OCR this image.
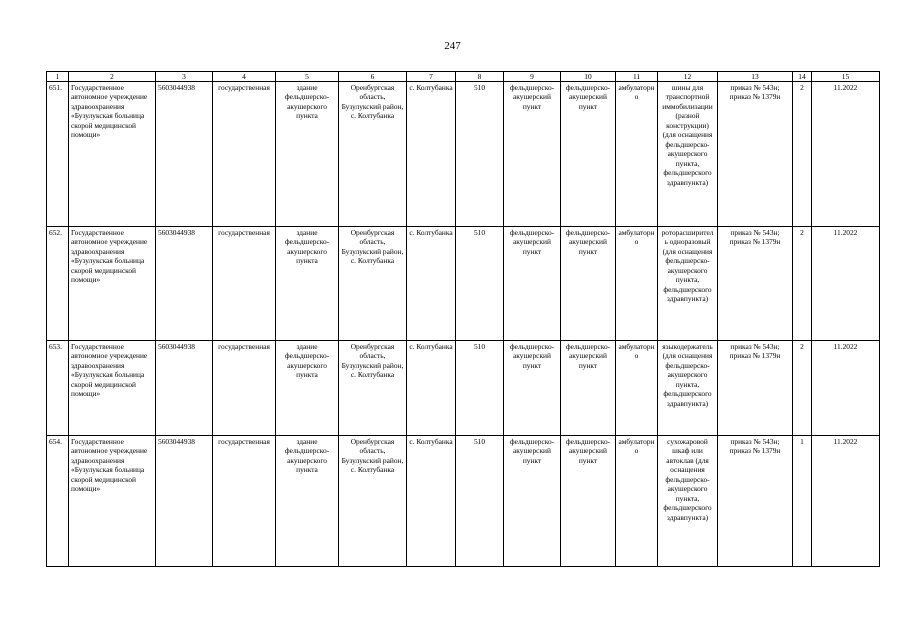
247
1	2	3	4	5	6	7	8	9	10	11	12	13	14	15
651.	Государственное автономное учреждение здравоохранения «Бузулукская больница скорой медицинской помощи»	5603044938	государственная	здание фельдшерско-акушерского пункта	Оренбургская область, Бузулукский район, с. Колтубанка	с. Колтубанка	510	фельдшерско-акушерский пункт	фельдшерско-акушерский пункт	амбулаторно	шины для транспортной иммобилизации (разной конструкции) (для оснащения фельдшерско-акушерского пункта, фельдшерского здравпункта)	приказ № 543н; приказ № 1379н	2	11.2022
652.	Государственное автономное учреждение здравоохранения «Бузулукская больница скорой медицинской помощи»	5603044938	государственная	здание фельдшерско-акушерского пункта	Оренбургская область, Бузулукский район, с. Колтубанка	с. Колтубанка	510	фельдшерско-акушерский пункт	фельдшерско-акушерский пункт	амбулаторно	роторасширитель одноразовый (для оснащения фельдшерско-акушерского пункта, фельдшерского здравпункта)	приказ № 543н; приказ № 1379н	2	11.2022
653.	Государственное автономное учреждение здравоохранения «Бузулукская больница скорой медицинской помощи»	5603044938	государственная	здание фельдшерско-акушерского пункта	Оренбургская область, Бузулукский район, с. Колтубанка	с. Колтубанка	510	фельдшерско-акушерский пункт	фельдшерско-акушерский пункт	амбулаторно	языкодержатель (для оснащения фельдшерско-акушерского пункта, фельдшерского здравпункта)	приказ № 543н; приказ № 1379н	2	11.2022
654.	Государственное автономное учреждение здравоохранения «Бузулукская больница скорой медицинской помощи»	5603044938	государственная	здание фельдшерско-акушерского пункта	Оренбургская область, Бузулукский район, с. Колтубанка	с. Колтубанка	510	фельдшерско-акушерский пункт	фельдшерско-акушерский пункт	амбулаторно	сухожаровой шкаф или автоклав (для оснащения фельдшерско-акушерского пункта, фельдшерского здравпункта)	приказ № 543н; приказ № 1379н	1	11.2022
